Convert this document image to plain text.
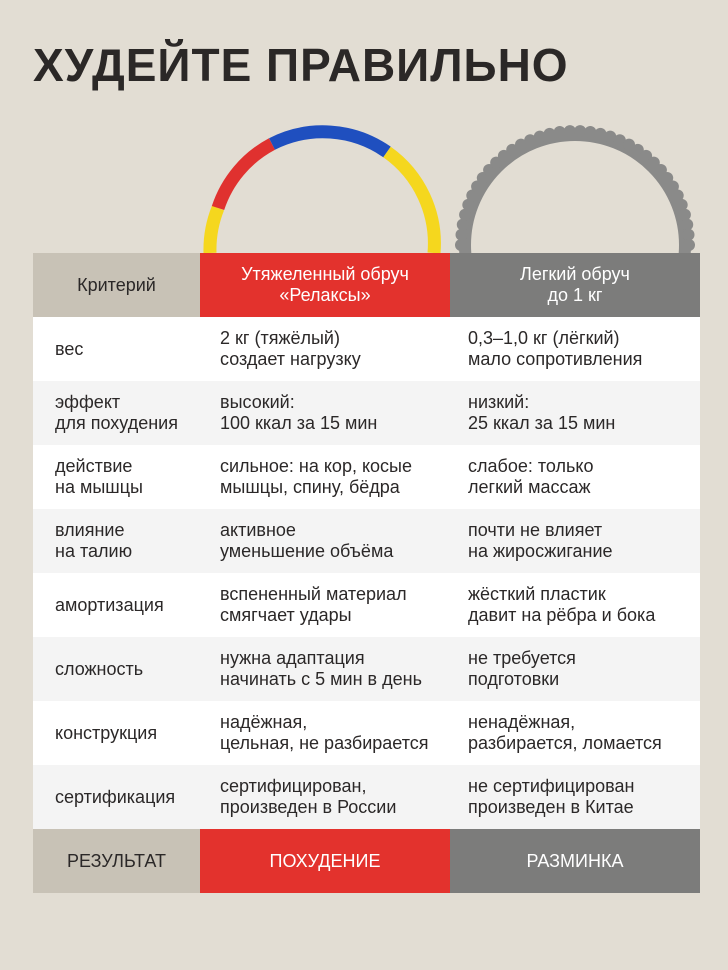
ХУДЕЙТЕ ПРАВИЛЬНО
Критерий
Утяжеленный обруч
«Релаксы»
Легкий обруч
до 1 кг
вес
2 кг (тяжёлый)
создает нагрузку
0,3–1,0 кг (лёгкий)
мало сопротивления
эффект
для похудения
высокий:
100 ккал за 15 мин
низкий:
25 ккал за 15 мин
действие
на мышцы
сильное: на кор, косые
мышцы, спину, бёдра
слабое: только
легкий массаж
влияние
на талию
активное
уменьшение объёма
почти не влияет
на жиросжигание
амортизация
вспененный материал
смягчает удары
жёсткий пластик
давит на рёбра и бока
сложность
нужна адаптация
начинать с 5 мин в день
не требуется
подготовки
конструкция
надёжная,
цельная, не разбирается
ненадёжная,
разбирается, ломается
сертификация
сертифицирован,
произведен в России
не сертифицирован
произведен в Китае
РЕЗУЛЬТАТ	ПОХУДЕНИЕ	РАЗМИНКА
